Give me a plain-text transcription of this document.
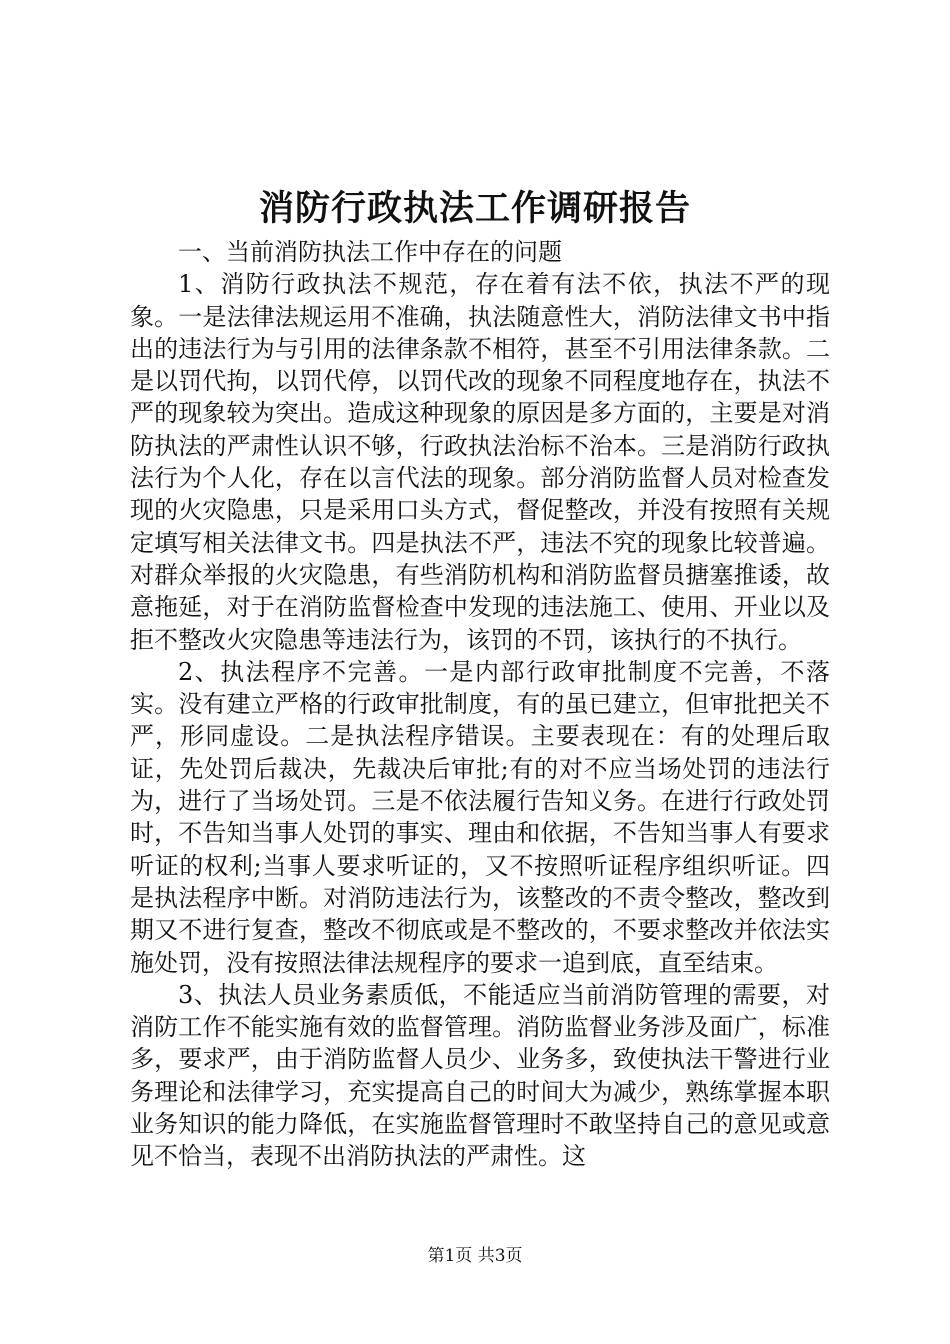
消防行政执法工作调研报告

一、当前消防执法工作中存在的问题

1、消防行政执法不规范，存在着有法不依，执法不严的现象。一是法律法规运用不准确，执法随意性大，消防法律文书中指出的违法行为与引用的法律条款不相符，甚至不引用法律条款。二是以罚代拘，以罚代停，以罚代改的现象不同程度地存在，执法不严的现象较为突出。造成这种现象的原因是多方面的，主要是对消防执法的严肃性认识不够，行政执法治标不治本。三是消防行政执法行为个人化，存在以言代法的现象。部分消防监督人员对检查发现的火灾隐患，只是采用口头方式，督促整改，并没有按照有关规定填写相关法律文书。四是执法不严，违法不究的现象比较普遍。对群众举报的火灾隐患，有些消防机构和消防监督员搪塞推诿，故意拖延，对于在消防监督检查中发现的违法施工、使用、开业以及拒不整改火灾隐患等违法行为，该罚的不罚，该执行的不执行。

2、执法程序不完善。一是内部行政审批制度不完善，不落实。没有建立严格的行政审批制度，有的虽已建立，但审批把关不严，形同虚设。二是执法程序错误。主要表现在：有的处理后取证，先处罚后裁决，先裁决后审批;有的对不应当场处罚的违法行为，进行了当场处罚。三是不依法履行告知义务。在进行行政处罚时，不告知当事人处罚的事实、理由和依据，不告知当事人有要求听证的权利;当事人要求听证的，又不按照听证程序组织听证。四是执法程序中断。对消防违法行为，该整改的不责令整改，整改到期又不进行复查，整改不彻底或是不整改的，不要求整改并依法实施处罚，没有按照法律法规程序的要求一追到底，直至结束。

3、执法人员业务素质低，不能适应当前消防管理的需要，对消防工作不能实施有效的监督管理。消防监督业务涉及面广，标准多，要求严，由于消防监督人员少、业务多，致使执法干警进行业务理论和法律学习，充实提高自己的时间大为减少，熟练掌握本职业务知识的能力降低，在实施监督管理时不敢坚持自己的意见或意见不恰当，表现不出消防执法的严肃性。这

第1页 共3页
